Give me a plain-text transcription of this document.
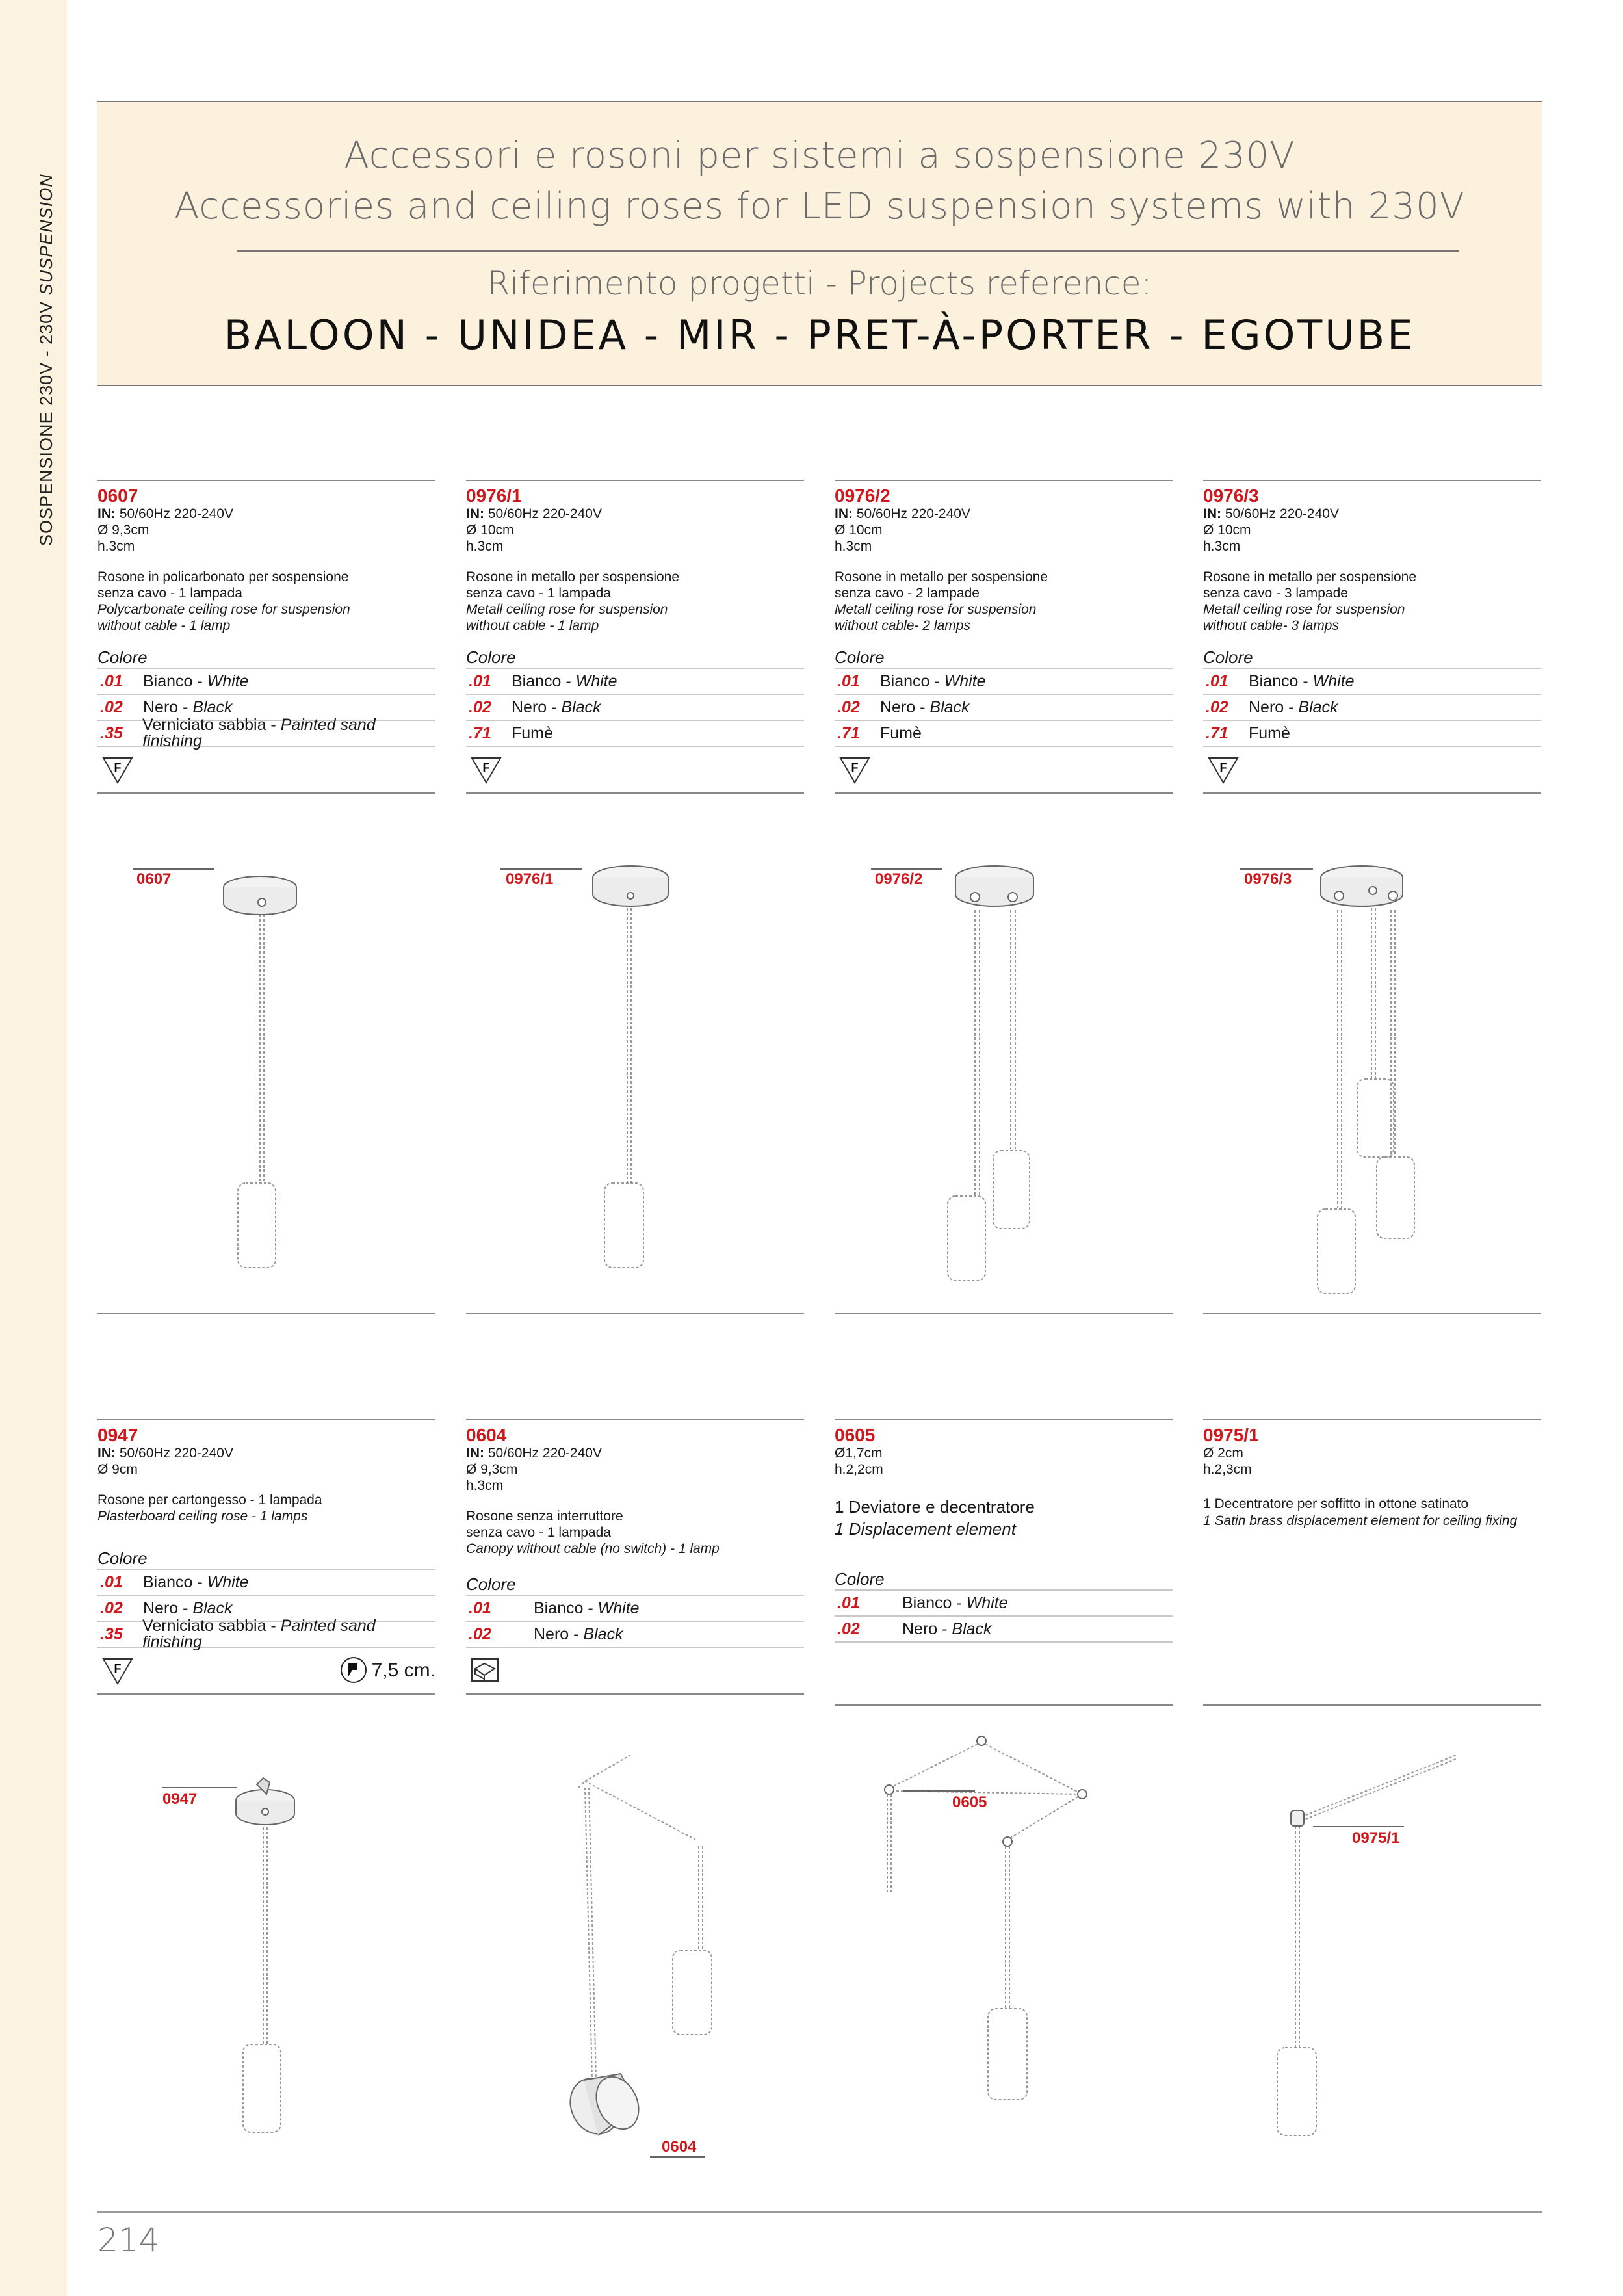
SOSPENSIONE 230V - 230V SUSPENSION
Accessori e rosoni per sistemi a sospensione 230V
Accessories and ceiling roses for LED suspension systems with 230V
Riferimento progetti - Projects reference:
BALOON - UNIDEA - MIR - PRET-À-PORTER - EGOTUBE
0607
IN: 50/60Hz 220-240V
Ø 9,3cm
h.3cm
Rosone in policarbonato per sospensione
senza cavo - 1 lampada
Polycarbonate ceiling rose for suspension
without cable - 1 lamp
Colore
.01	Bianco - White
.02	Nero - Black
.35	Verniciato sabbia - Painted sand finishing
F
0976/1
IN: 50/60Hz 220-240V
Ø 10cm
h.3cm
Rosone in metallo per sospensione
senza cavo - 1 lampada
Metall ceiling rose for suspension
without cable - 1 lamp
Colore
.01	Bianco - White
.02	Nero - Black
.71	Fumè
F
0976/2
IN: 50/60Hz 220-240V
Ø 10cm
h.3cm
Rosone in metallo per sospensione
senza cavo - 2 lampade
Metall ceiling rose for suspension
without cable- 2 lamps
Colore
.01	Bianco - White
.02	Nero - Black
.71	Fumè
F
0976/3
IN: 50/60Hz 220-240V
Ø 10cm
h.3cm
Rosone in metallo per sospensione
senza cavo - 3 lampade
Metall ceiling rose for suspension
without cable- 3 lamps
Colore
.01	Bianco - White
.02	Nero - Black
.71	Fumè
F
0607	0976/1	0976/2	0976/3
0947
IN: 50/60Hz 220-240V
Ø 9cm
Rosone per cartongesso - 1 lampada
Plasterboard ceiling rose - 1 lamps
Colore
.01	Bianco - White
.02	Nero - Black
.35	Verniciato sabbia - Painted sand finishing
F	7,5 cm.
0604
IN: 50/60Hz 220-240V
Ø 9,3cm
h.3cm
Rosone senza interruttore
senza cavo - 1 lampada
Canopy without cable (no switch) - 1 lamp
Colore
.01	Bianco - White
.02	Nero - Black
0605
Ø1,7cm
h.2,2cm
1 Deviatore e decentratore
1 Displacement element
Colore
.01	Bianco - White
.02	Nero - Black
0975/1
Ø 2cm
h.2,3cm
1 Decentratore per soffitto in ottone satinato
1 Satin brass displacement element for ceiling fixing
0947
0604
0605
0975/1
214
